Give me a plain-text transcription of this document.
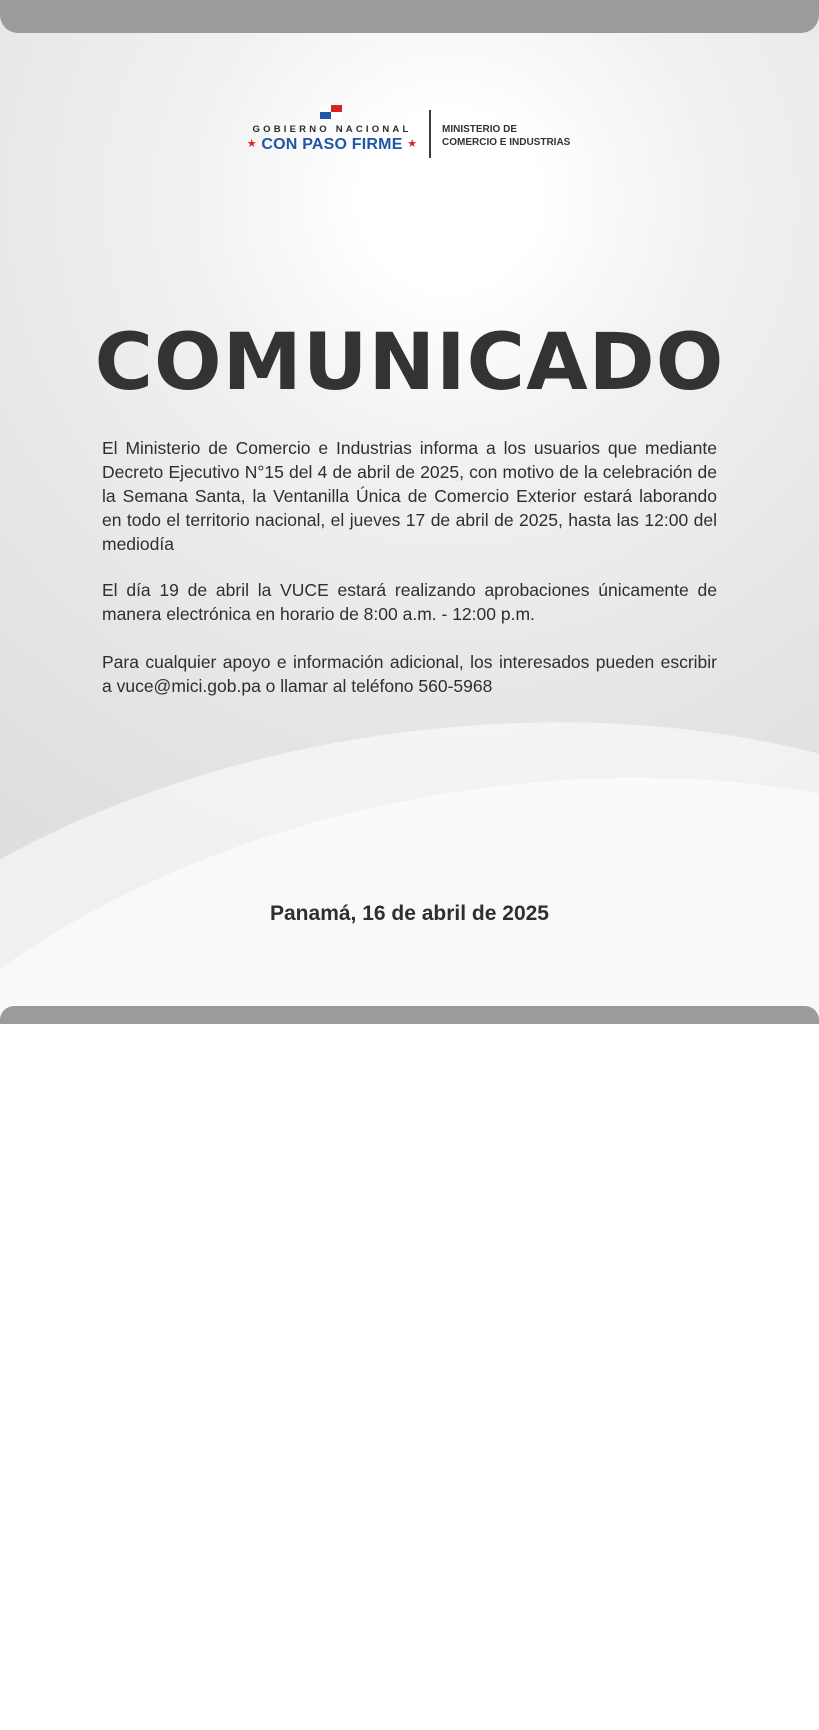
GOBIERNO NACIONAL
★ CON PASO FIRME ★
MINISTERIO DE
COMERCIO E INDUSTRIAS
COMUNICADO

El Ministerio de Comercio e Industrias informa a los usuarios que mediante Decreto Ejecutivo N°15 del 4 de abril de 2025, con motivo de la celebración de la Semana Santa, la Ventanilla Única de Comercio Exterior estará laborando en todo el territorio nacional, el jueves 17 de abril de 2025, hasta las 12:00 del mediodía

El día 19 de abril la VUCE estará realizando aprobaciones únicamente de manera electrónica en horario de 8:00 a.m. - 12:00 p.m.

Para cualquier apoyo e información adicional, los interesados pueden escribir a vuce@mici.gob.pa o llamar al teléfono 560-5968

Panamá, 16 de abril de 2025
